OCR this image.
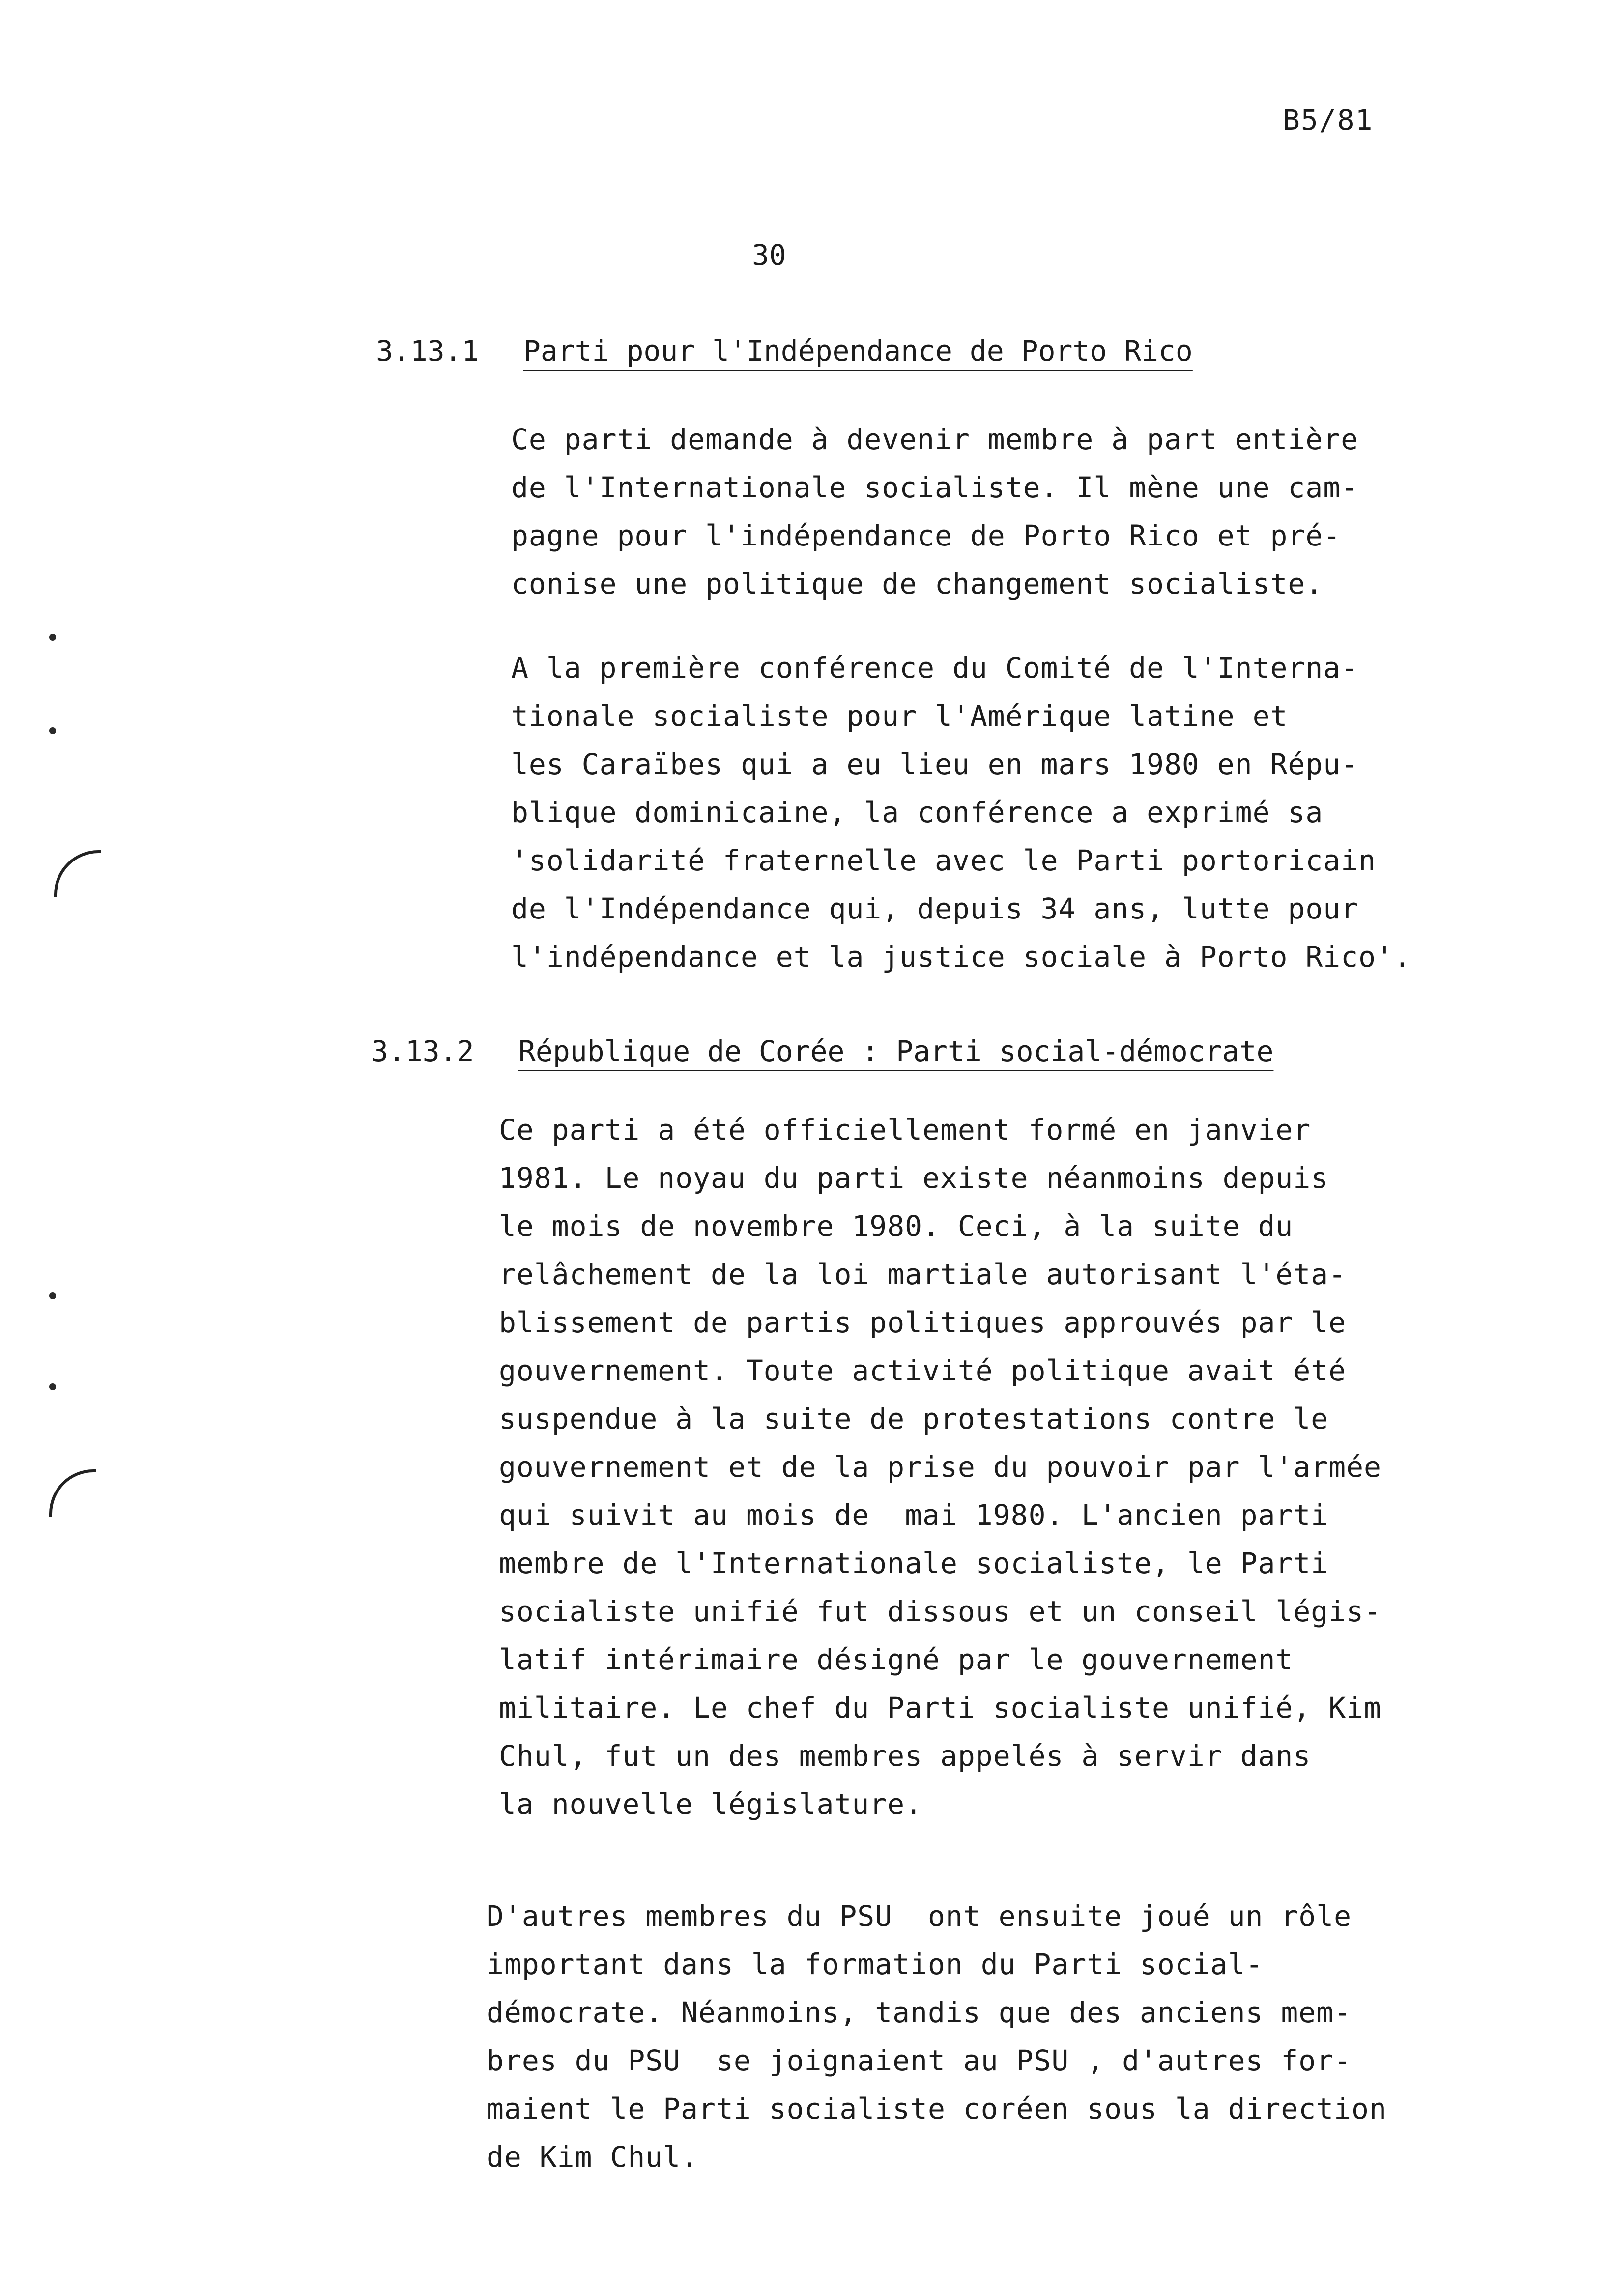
B5/81
30
3.13.1 Parti pour l'Indépendance de Porto Rico

Ce parti demande à devenir membre à part entière
de l'Internationale socialiste. Il mène une cam-
pagne pour l'indépendance de Porto Rico et pré-
conise une politique de changement socialiste.

A la première conférence du Comité de l'Interna-
tionale socialiste pour l'Amérique latine et
les Caraïbes qui a eu lieu en mars 1980 en Répu-
blique dominicaine, la conférence a exprimé sa
'solidarité fraternelle avec le Parti portoricain
de l'Indépendance qui, depuis 34 ans, lutte pour
l'indépendance et la justice sociale à Porto Rico'.

3.13.2 République de Corée : Parti social-démocrate

Ce parti a été officiellement formé en janvier
1981. Le noyau du parti existe néanmoins depuis
le mois de novembre 1980. Ceci, à la suite du
relâchement de la loi martiale autorisant l'éta-
blissement de partis politiques approuvés par le
gouvernement. Toute activité politique avait été
suspendue à la suite de protestations contre le
gouvernement et de la prise du pouvoir par l'armée
qui suivit au mois de  mai 1980. L'ancien parti
membre de l'Internationale socialiste, le Parti
socialiste unifié fut dissous et un conseil légis-
latif intérimaire désigné par le gouvernement
militaire. Le chef du Parti socialiste unifié, Kim
Chul, fut un des membres appelés à servir dans
la nouvelle législature.

D'autres membres du PSU  ont ensuite joué un rôle
important dans la formation du Parti social-
démocrate. Néanmoins, tandis que des anciens mem-
bres du PSU  se joignaient au PSU , d'autres for-
maient le Parti socialiste coréen sous la direction
de Kim Chul.
